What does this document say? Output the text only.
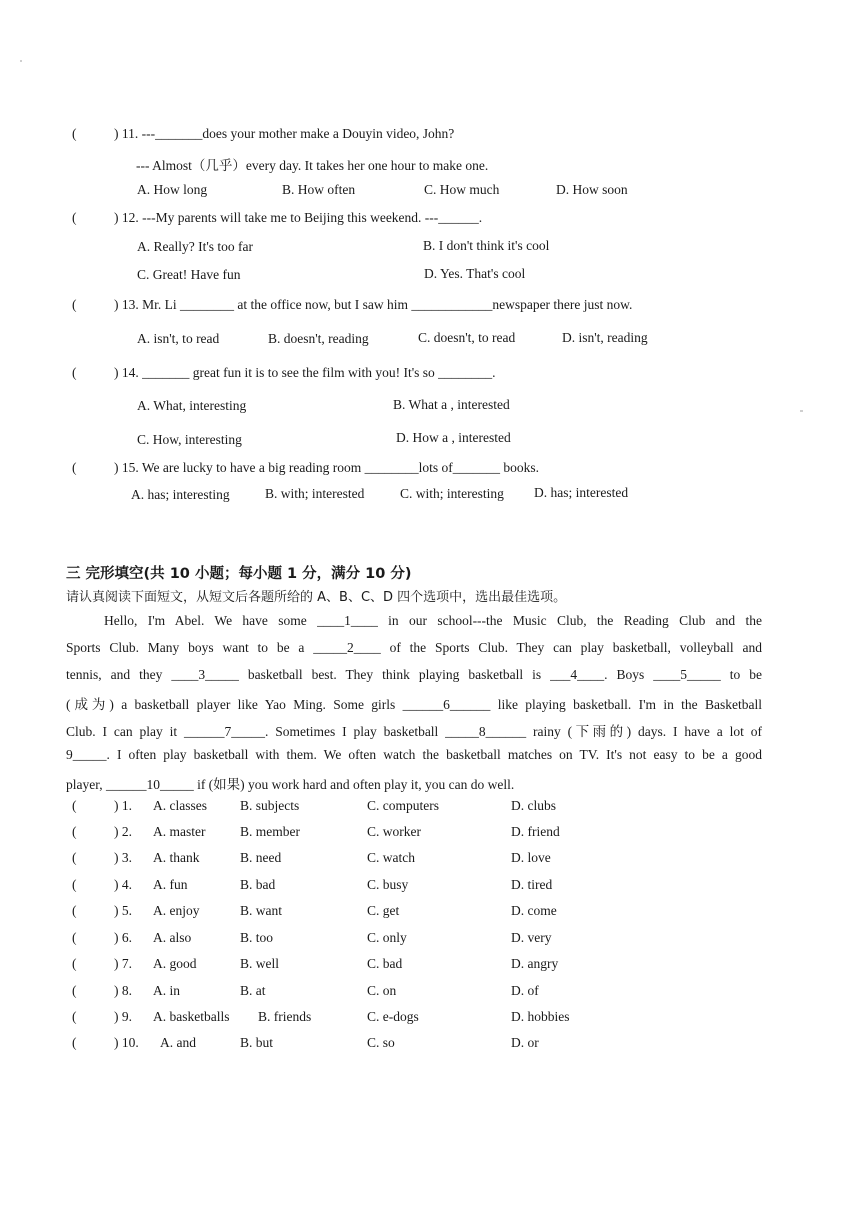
(	) 11. ---_______does your mother make a Douyin video, John?
--- Almost（几乎）every day. It takes her one hour to make one.
A. How long	B. How often	C. How much	D. How soon
(	) 12. ---My parents will take me to Beijing this weekend. ---______.
A. Really? It's too far	B. I don't think it's cool
C. Great! Have fun	D. Yes. That's cool
(	) 13. Mr. Li ________ at the office now, but I saw him ____________newspaper there just now.
A. isn't, to read	B. doesn't, reading	C. doesn't, to read	D. isn't, reading
(	) 14. _______ great fun it is to see the film with you! It's so ________.
A. What, interesting	B. What a , interested
C. How, interesting	D. How a , interested
(	) 15. We are lucky to have a big reading room ________lots of_______ books.
A. has; interesting	B. with; interested	C. with; interesting D. has; interested
三 完形填空(共 10 小题；每小题 1 分，满分 10 分)
请认真阅读下面短文，从短文后各题所给的 A、B、C、D 四个选项中，选出最佳选项。
Hello, I'm Abel. We have some ____1____ in our school---the Music Club, the Reading Club and the
Sports Club. Many boys want to be a _____2____ of the Sports Club. They can play basketball, volleyball and
tennis, and they ____3_____ basketball best. They think playing basketball is ___4____. Boys ____5_____ to be
(成为) a basketball player like Yao Ming. Some girls ______6______ like playing basketball. I'm in the Basketball
Club. I can play it ______7_____. Sometimes I play basketball _____8______ rainy (下雨的) days. I have a lot of
9_____. I often play basketball with them. We often watch the basketball matches on TV. It's not easy to be a good
player, ______10_____ if (如果) you work hard and often play it, you can do well.
(	) 1. A. classes B. subjects	C. computers	D. clubs
(	) 2. A. master	B. member	C. worker	D. friend
(	) 3. A. thank	B. need	C. watch	D. love
(	) 4. A. fun	B. bad	C. busy	D. tired
(	) 5. A. enjoy	B. want	C. get	D. come
(	) 6. A. also	B. too	C. only	D. very
(	) 7. A. good	B. well	C. bad	D. angry
(	) 8. A. in	B. at	C. on	D. of
(	) 9. A. basketballs B. friends	C. e-dogs	D. hobbies
(	) 10. A. and	B. but	C. so	D. or
